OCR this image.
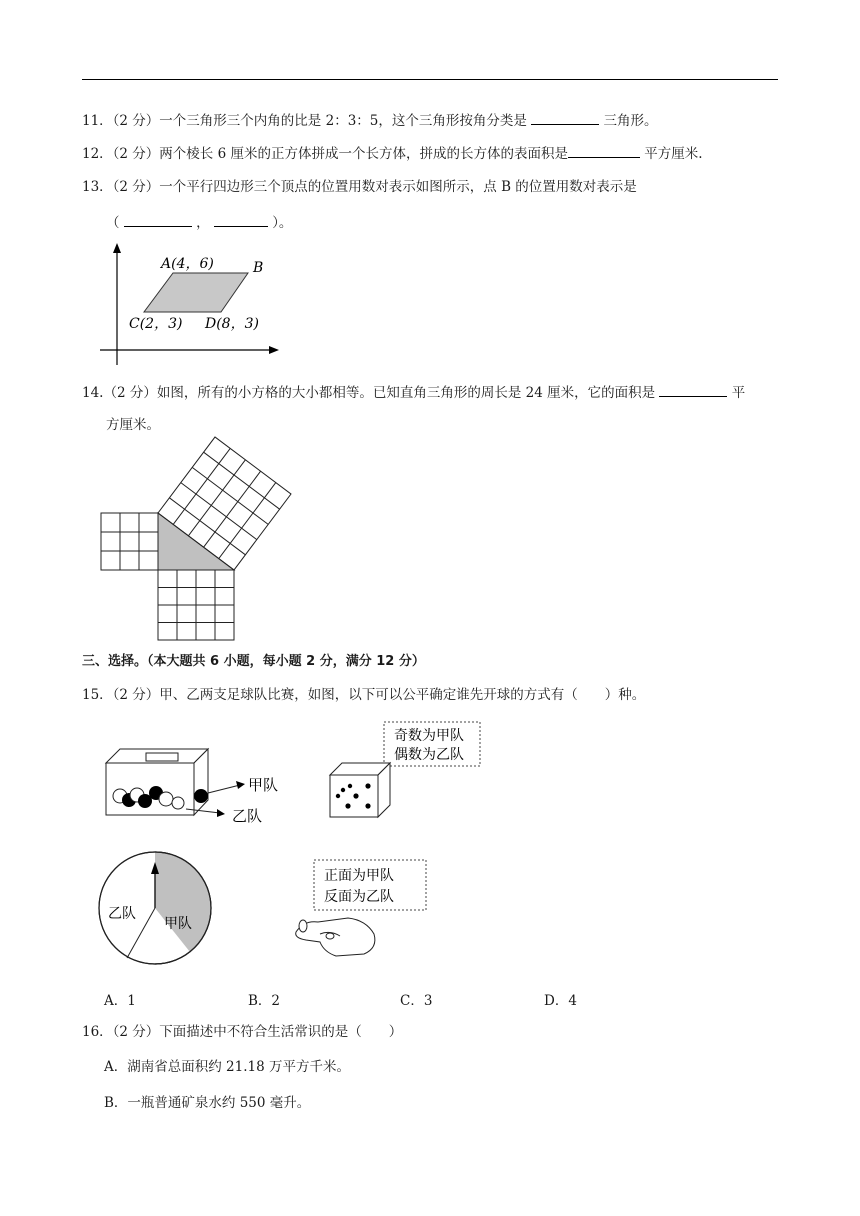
11．（2 分）一个三角形三个内角的比是 2：3：5，这个三角形按角分类是	三角形。
12．（2 分）两个棱长 6 厘米的正方体拼成一个长方体，拼成的长方体的表面积是	平方厘米.
13．（2 分）一个平行四边形三个顶点的位置用数对表示如图所示，点 B 的位置用数对表示是
（	，	）。
A(4，6)	B
C(2，3) D(8，3)
14.（2 分）如图，所有的小方格的大小都相等。已知直角三角形的周长是 24 厘米，它的面积是	平
方厘米。
三、选择。（本大题共 6 小题，每小题 2 分，满分 12 分）
15．（2 分）甲、乙两支足球队比赛，如图，以下可以公平确定谁先开球的方式有（　　）种。
甲队
乙队
奇数为甲队
偶数为乙队
乙队
甲队
正面为甲队
反面为乙队
A．1	B．2	C．3	D．4
16．（2 分）下面描述中不符合生活常识的是（　　）
A．湖南省总面积约 21.18 万平方千米。
B．一瓶普通矿泉水约 550 毫升。
